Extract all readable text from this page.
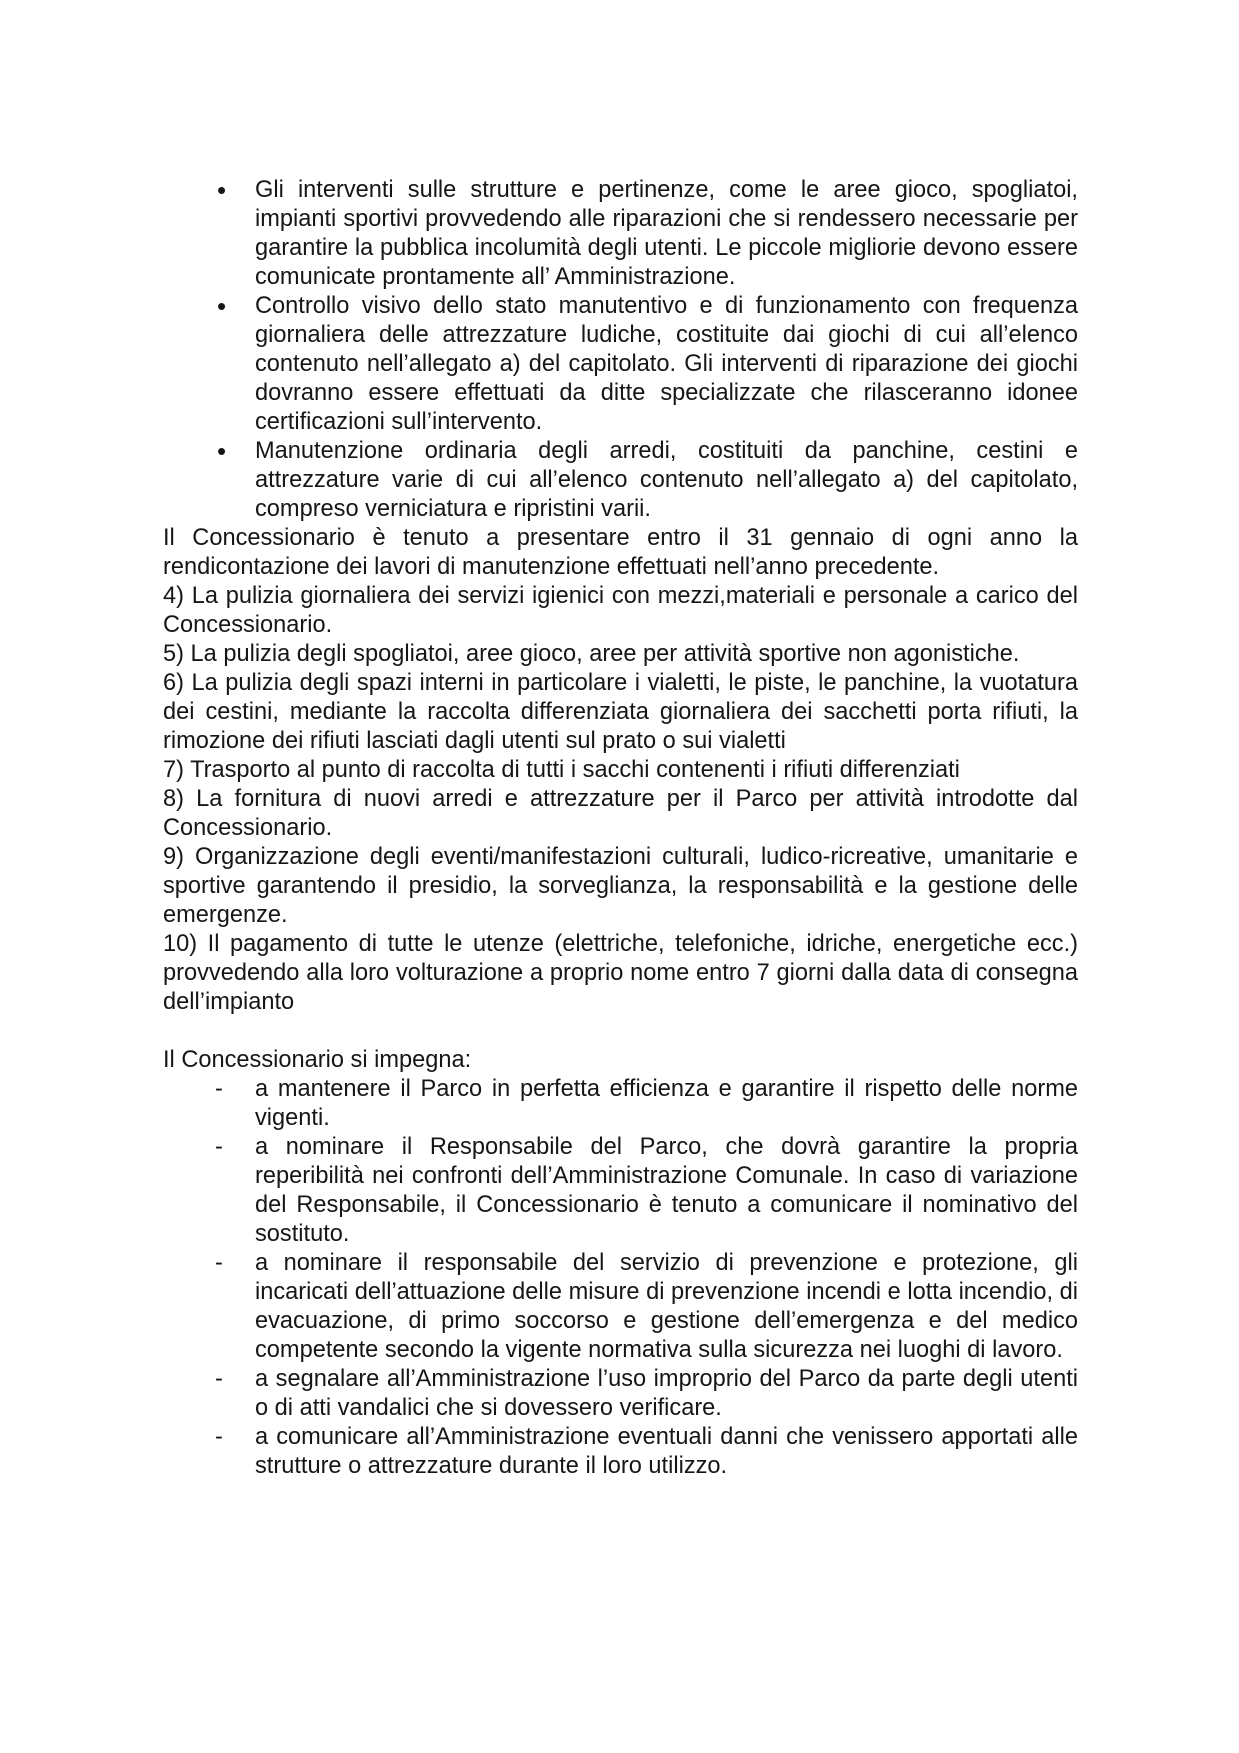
• Gli interventi sulle strutture e pertinenze, come le aree gioco, spogliatoi, impianti sportivi provvedendo alle riparazioni che si rendessero necessarie per garantire la pubblica incolumità degli utenti. Le piccole migliorie devono essere comunicate prontamente all’ Amministrazione.
• Controllo visivo dello stato manutentivo e di funzionamento con frequenza giornaliera delle attrezzature ludiche, costituite dai giochi di cui all’elenco contenuto nell’allegato a) del capitolato. Gli interventi di riparazione dei giochi dovranno essere effettuati da ditte specializzate che rilasceranno idonee certificazioni sull’intervento.
• Manutenzione ordinaria degli arredi, costituiti da panchine, cestini e attrezzature varie di cui all’elenco contenuto nell’allegato a) del capitolato, compreso verniciatura e ripristini varii.

Il Concessionario è tenuto a presentare entro il 31 gennaio di ogni anno la rendicontazione dei lavori di manutenzione effettuati nell’anno precedente.

4) La pulizia giornaliera dei servizi igienici con mezzi,materiali e personale a carico del Concessionario.

5) La pulizia degli spogliatoi, aree gioco, aree per attività sportive non agonistiche.

6) La pulizia degli spazi interni in particolare i vialetti, le piste, le panchine, la vuotatura dei cestini, mediante la raccolta differenziata giornaliera dei sacchetti porta rifiuti, la rimozione dei rifiuti lasciati dagli utenti sul prato o sui vialetti

7) Trasporto al punto di raccolta di tutti i sacchi contenenti i rifiuti differenziati

8) La fornitura di nuovi arredi e attrezzature per il Parco per attività introdotte dal Concessionario.

9) Organizzazione degli eventi/manifestazioni culturali, ludico-ricreative, umanitarie e sportive garantendo il presidio, la sorveglianza, la responsabilità e la gestione delle emergenze.

10) Il pagamento di tutte le utenze (elettriche, telefoniche, idriche, energetiche ecc.) provvedendo alla loro volturazione a proprio nome entro 7 giorni dalla data di consegna dell’impianto

Il Concessionario si impegna:

- a mantenere il Parco in perfetta efficienza e garantire il rispetto delle norme vigenti.
- a nominare il Responsabile del Parco, che dovrà garantire la propria reperibilità nei confronti dell’Amministrazione Comunale. In caso di variazione del Responsabile, il Concessionario è tenuto a comunicare il nominativo del sostituto.
- a nominare il responsabile del servizio di prevenzione e protezione, gli incaricati dell’attuazione delle misure di prevenzione incendi e lotta incendio, di evacuazione, di primo soccorso e gestione dell’emergenza e del medico competente secondo la vigente normativa sulla sicurezza nei luoghi di lavoro.
- a segnalare all’Amministrazione l’uso improprio del Parco da parte degli utenti o di atti vandalici che si dovessero verificare.
- a comunicare all’Amministrazione eventuali danni che venissero apportati alle strutture o attrezzature durante il loro utilizzo.
